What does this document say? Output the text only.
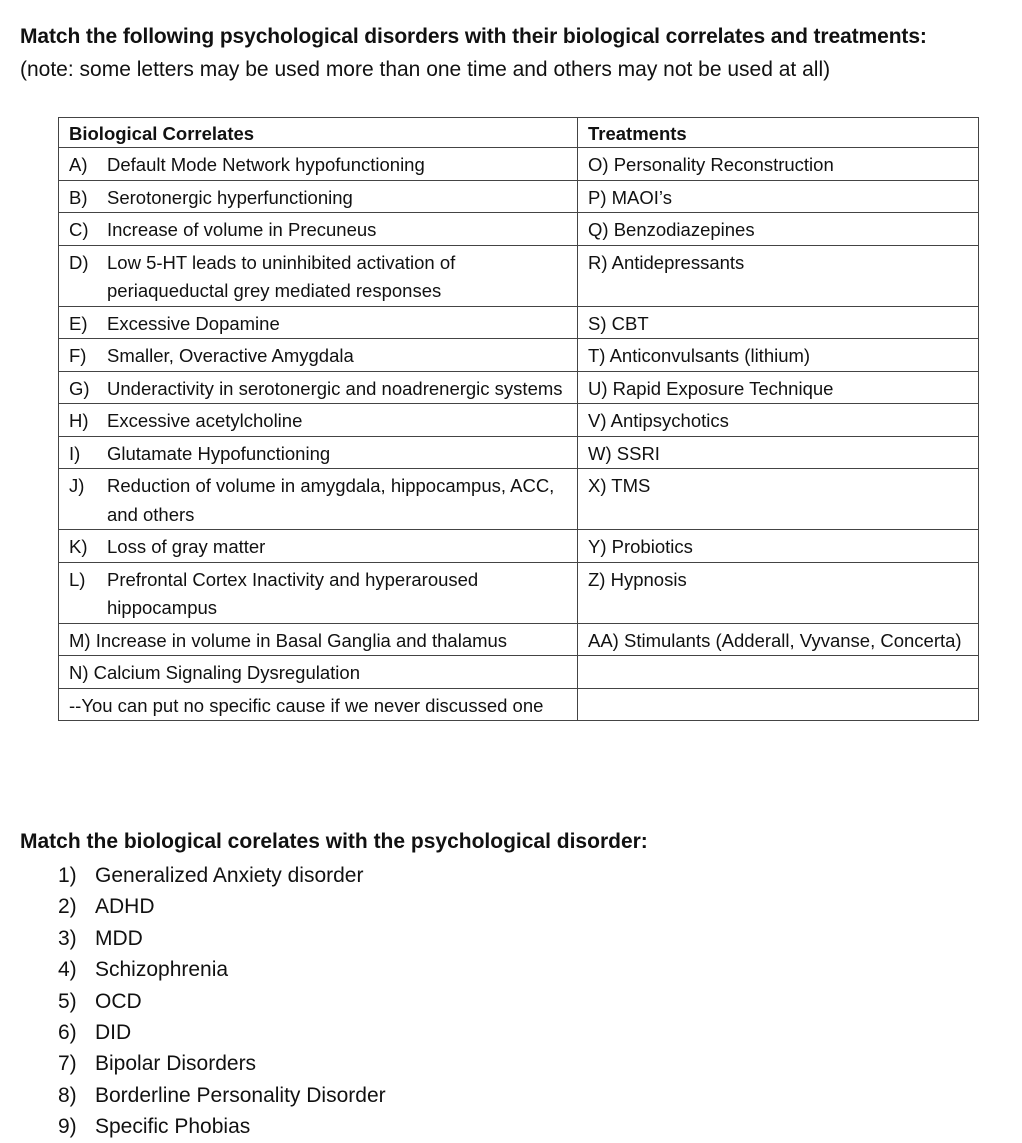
Match the following psychological disorders with their biological correlates and treatments:
(note: some letters may be used more than one time and others may not be used at all)
Biological Correlates	Treatments

A) Default Mode Network hypofunctioning	O) Personality Reconstruction

B) Serotonergic hyperfunctioning	P) MAOI’s

C) Increase of volume in Precuneus	Q) Benzodiazepines

D) Low 5-HT leads to uninhibited activation of periaqueductal grey mediated responses	R) Antidepressants

E) Excessive Dopamine	S) CBT

F) Smaller, Overactive Amygdala	T) Anticonvulsants (lithium)

G) Underactivity in serotonergic and noadrenergic systems	U) Rapid Exposure Technique

H) Excessive acetylcholine	V) Antipsychotics

I) Glutamate Hypofunctioning	W) SSRI

J) Reduction of volume in amygdala, hippocampus, ACC, and others	X) TMS

K) Loss of gray matter	Y) Probiotics

L) Prefrontal Cortex Inactivity and hyperaroused hippocampus	Z) Hypnosis
M) Increase in volume in Basal Ganglia and thalamus	AA) Stimulants (Adderall, Vyvanse, Concerta)
N) Calcium Signaling Dysregulation	
--You can put no specific cause if we never discussed one	
Match the biological corelates with the psychological disorder:
1) Generalized Anxiety disorder
2) ADHD
3) MDD
4) Schizophrenia
5) OCD
6) DID
7) Bipolar Disorders
8) Borderline Personality Disorder
9) Specific Phobias
